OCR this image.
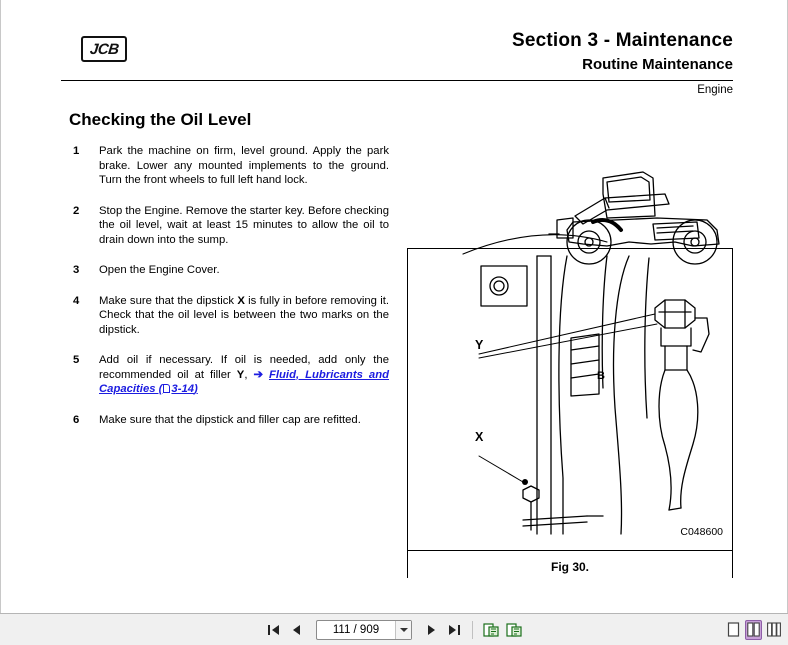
JCB	Section 3 - Maintenance
Routine Maintenance
Engine
Checking the Oil Level
1 Park the machine on firm, level ground. Apply the park brake. Lower any mounted implements to the ground. Turn the front wheels to full left hand lock.
2 Stop the Engine. Remove the starter key. Before checking the oil level, wait at least 15 minutes to allow the oil to drain down into the sump.
3 Open the Engine Cover.
4 Make sure that the dipstick X is fully in before removing it. Check that the oil level is between the two marks on the dipstick.
5 Add oil if necessary. If oil is needed, add only the recommended oil at filler Y, ➔ Fluid, Lubricants and Capacities ( 3-14)
6 Make sure that the dipstick and filler cap are refitted.
Y
X
B
C048600
Fig 30.
111 / 909
